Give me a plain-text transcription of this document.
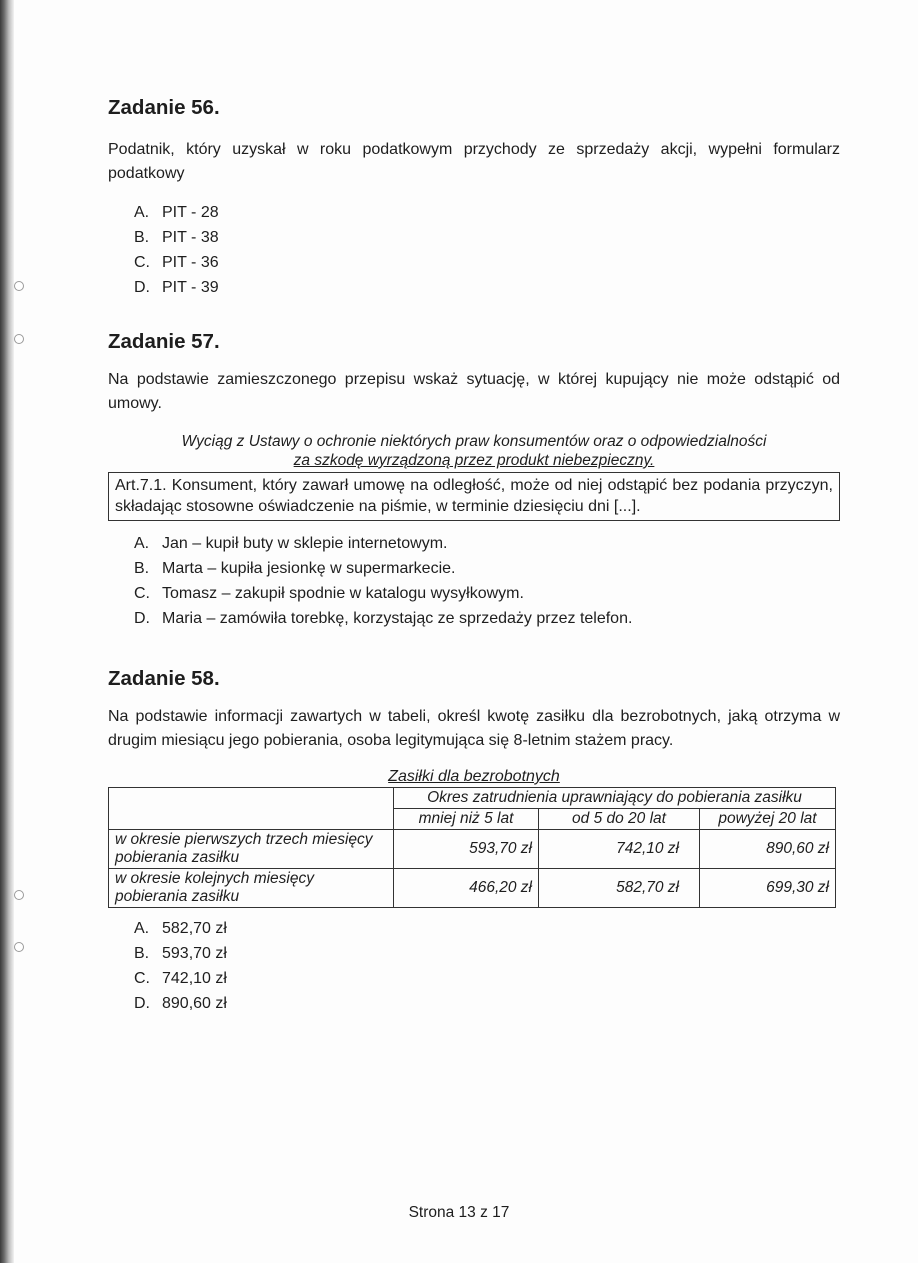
Zadanie 56.

Podatnik, który uzyskał w roku podatkowym przychody ze sprzedaży akcji, wypełni formularz podatkowy

A. PIT - 28
B. PIT - 38
C. PIT - 36
D. PIT - 39
Zadanie 57.

Na podstawie zamieszczonego przepisu wskaż sytuację, w której kupujący nie może odstąpić od umowy.

Wyciąg z Ustawy o ochronie niektórych praw konsumentów oraz o odpowiedzialności
za szkodę wyrządzoną przez produkt niebezpieczny.
Art.7.1. Konsument, który zawarł umowę na odległość, może od niej odstąpić bez podania przyczyn, składając stosowne oświadczenie na piśmie, w terminie dziesięciu dni [...].
A. Jan – kupił buty w sklepie internetowym.
B. Marta – kupiła jesionkę w supermarkecie.
C. Tomasz – zakupił spodnie w katalogu wysyłkowym.
D. Maria – zamówiła torebkę, korzystając ze sprzedaży przez telefon.
Zadanie 58.

Na podstawie informacji zawartych w tabeli, określ kwotę zasiłku dla bezrobotnych, jaką otrzyma w drugim miesiącu jego pobierania, osoba legitymująca się 8-letnim stażem pracy.

Zasiłki dla bezrobotnych
	Okres zatrudnienia uprawniający do pobierania zasiłku		
	mniej niż 5 lat	od 5 do 20 lat	powyżej 20 lat
w okresie pierwszych trzech miesięcy pobierania zasiłku	593,70 zł	742,10 zł	890,60 zł
w okresie kolejnych miesięcy pobierania zasiłku	466,20 zł	582,70 zł	699,30 zł
A. 582,70 zł
B. 593,70 zł
C. 742,10 zł
D. 890,60 zł
Strona 13 z 17
